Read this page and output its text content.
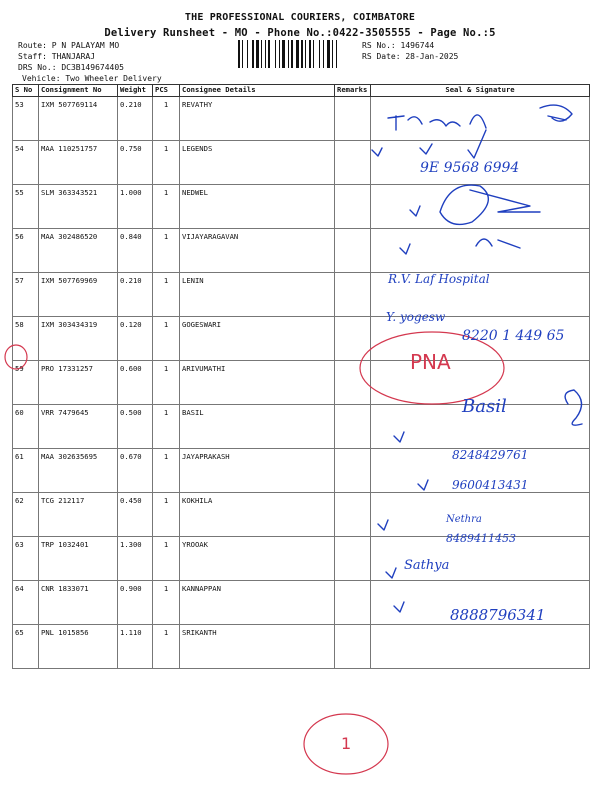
THE PROFESSIONAL COURIERS, COIMBATORE
Delivery Runsheet - MO - Phone No.:0422-3505555 - Page No.:5
Route: P N PALAYAM MO
Staff: THANJARAJ
DRS No.: DC3B149674405
Vehicle: Two Wheeler Delivery
RS No.: 1496744
RS Date: 28-Jan-2025
S No	Consignment No	Weight	PCS	Consignee Details	Remarks	Seal & Signature
53	IXM 507769114	0.210	1	REVATHY		
54	MAA 110251757	0.750	1	LEGENDS		
55	SLM 363343521	1.000	1	NEDWEL		
56	MAA 302486520	0.840	1	VIJAYARAGAVAN		
57	IXM 507769969	0.210	1	LENIN		
58	IXM 303434319	0.120	1	GOGESWARI		
59	PRO 17331257	0.600	1	ARIVUMATHI		
60	VRR 7479645	0.500	1	BASIL		
61	MAA 302635695	0.670	1	JAYAPRAKASH		
62	TCG 212117	0.450	1	KOKHILA		
63	TRP 1032401	1.300	1	YROOAK		
64	CNR 1833071	0.900	1	KANNAPPAN		
65	PNL 1015856	1.110	1	SRIKANTH		
9E 9568 6994
R.V. Laf Hospital
Y. yogesw
8220 1 449 65
PNA
Basil
8248429761
9600413431
Nethra
8489411453
Sathya
8888796341
1
